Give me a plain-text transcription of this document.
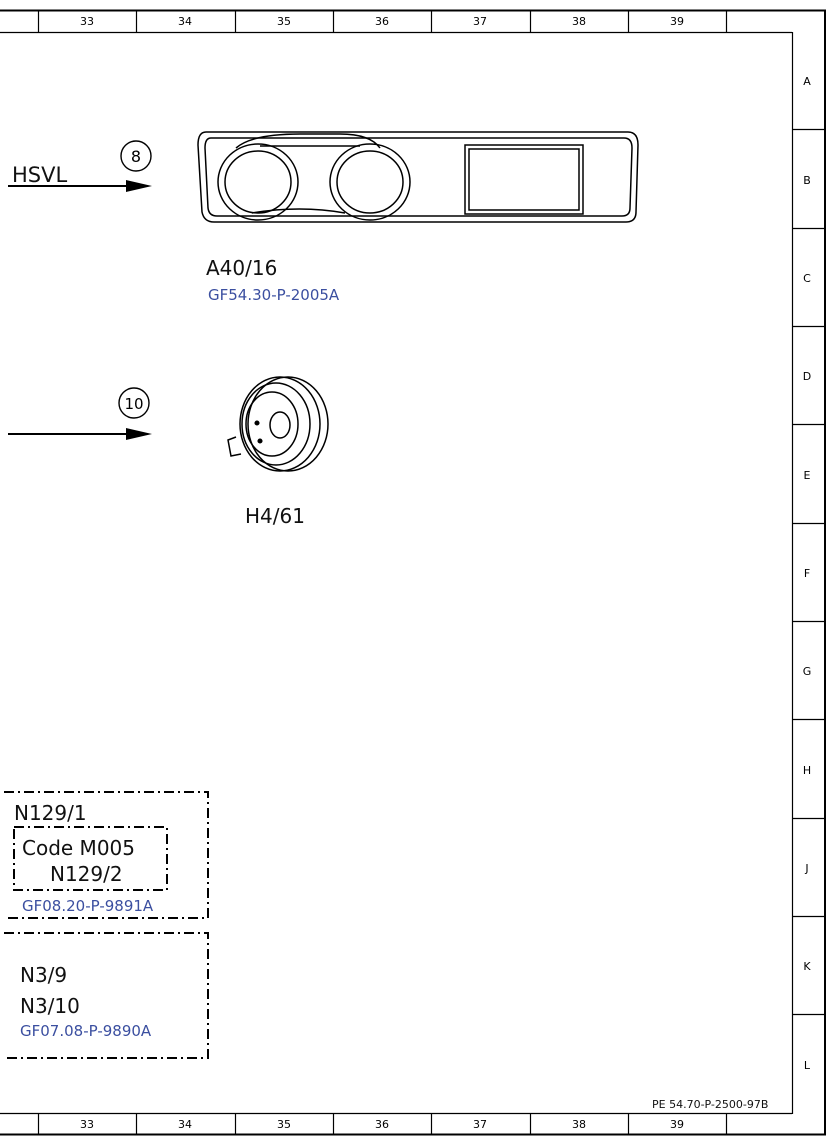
33	34	35	36	37	38	39
33	34	35	36	37	38	39
A
B
C
D
E
F
G
H
J
K
L
8
HSVL
10
A40/16
GF54.30-P-2005A
H4/61
N129/1
Code M005
N129/2
GF08.20-P-9891A
N3/9
N3/10
GF07.08-P-9890A
PE 54.70-P-2500-97B
